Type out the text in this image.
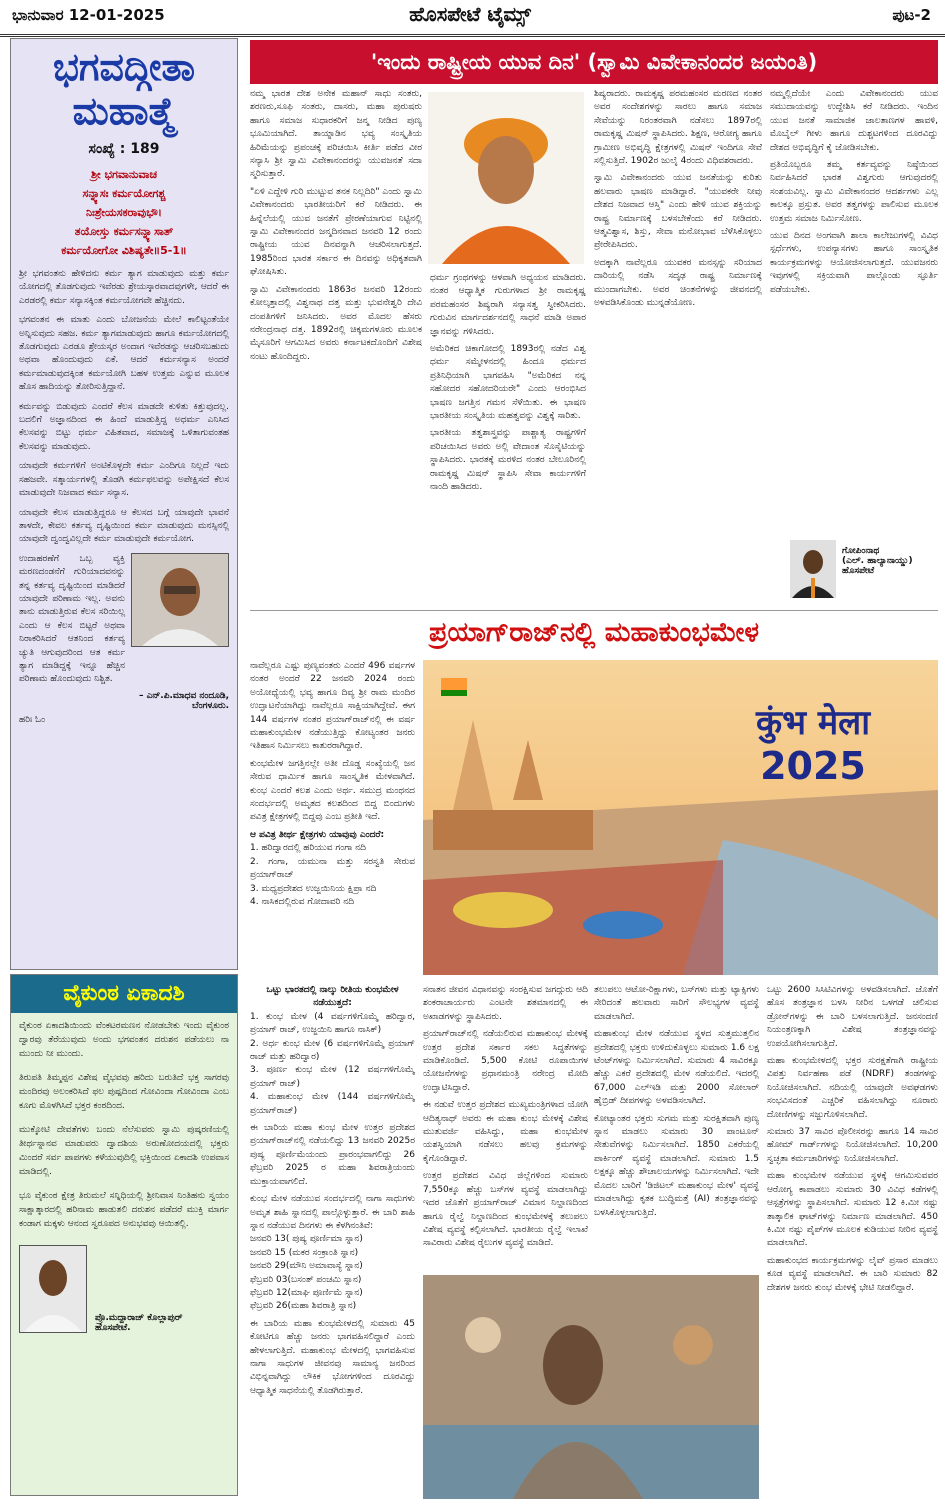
ಭಾನುವಾರ 12-01-2025	ಹೊಸಪೇಟೆ ಟೈಮ್ಸ್	ಪುಟ-2
ಭಗವದ್ಗೀತಾ ಮಹಾತ್ಮೆ
ಸಂಖ್ಯೆ : 189
ಶ್ರೀ ಭಗವಾನುವಾಚ
ಸನ್ನ್ಯಾಸಃ ಕರ್ಮಯೋಗಶ್ಚ
ನಿಃಶ್ರೇಯಸಕರಾವುಭೌ।
ತಯೋಸ್ತು ಕರ್ಮಸನ್ನ್ಯಾಸಾತ್
ಕರ್ಮಯೋಗೋ ವಿಶಿಷ್ಯತೇ॥5-1॥

ಶ್ರೀ ಭಗವಂತನು ಹೇಳಿದನು ಕರ್ಮ ತ್ಯಾಗ ಮಾಡುವುದು ಮತ್ತು ಕರ್ಮ ಯೋಗದಲ್ಲಿ ತೊಡಗುವುದು ಇವೆರಡು ಶ್ರೇಯಸ್ಕಾರವಾದವುಗಳೇ, ಆದರೆ ಈ ಎರಡರಲ್ಲಿ ಕರ್ಮ ಸನ್ಯಾಸಕ್ಕಿಂತ ಕರ್ಮಯೋಗವೇ ಹೆಚ್ಚಿನದು.

ಭಗವಂತನ ಈ ಮಾತು ಎಂದು ಬೋಜನೆಯ ಮೇಲೆ ಕಾಲಿಟ್ಟಂತೆಯೇ ಅನ್ನಿಸುವುದು ಸಹಜ. ಕರ್ಮ ತ್ಯಾಗಮಾಡುವುದು ಹಾಗೂ ಕರ್ಮಯೋಗದಲ್ಲಿ ತೊಡಗುವುದು ಎರಡೂ ಶ್ರೇಯಸ್ಕರ ಅಂದಾಗ ಇವೆರಡನ್ನು ಆಚರಿಸಬಹುದು ಅಥವಾ ಹೊಂದುವುದು ಏಕೆ. ಆದರೆ ಕರ್ಮಸನ್ಯಾಸ ಅಂದರೆ ಕರ್ಮಮಾಡುವುದಕ್ಕಿಂತ ಕರ್ಮಯೋಗಿ ಬಹಳ ಉತ್ತಮ ಎನ್ನುವ ಮೂಲಕ ಹೊಸ ಹಾದಿಯನ್ನು ತೋರಿಸುತ್ತಿದ್ದಾನೆ.

ಕರ್ಮವನ್ನು ಬಿಡುವುದು ಎಂದರೆ ಕೆಲಸ ಮಾಡದೇ ಕುಳಿತು ಕಿತ್ತುವುದಲ್ಲ. ಬದಲಿಗೆ ಅಜ್ಞಾನದಿಂದ ಈ ಹಿಂದೆ ಮಾಡುತ್ತಿದ್ದ ಅಧರ್ಮ ಎನಿಸಿದ ಕೆಲಸವನ್ನು ಬಿಟ್ಟು ಧರ್ಮ ವಿಹಿತವಾದ, ಸಮಾಜಕ್ಕೆ ಒಳಿತಾಗುವಂತಹ ಕೆಲಸವನ್ನು ಮಾಡುವುದು.

ಯಾವುದೇ ಕರ್ಮಗಳಿಗೆ ಅಂಟಿಕೊಳ್ಳದೇ ಕರ್ಮ ಎಂದಿಗೂ ನಿಲ್ಲದೆ ಇದು ಸಹಜವೇ. ಸತ್ಕಾರ್ಯಗಳಲ್ಲಿ ತೊಡಗಿ ಕರ್ಮಫಲವನ್ನು ಅಪೇಕ್ಷಿಸದೆ ಕೆಲಸ ಮಾಡುವುದೇ ನಿಜವಾದ ಕರ್ಮ ಸನ್ಯಾಸ.

ಯಾವುದೇ ಕೆಲಸ ಮಾಡುತ್ತಿದ್ದರೂ ಆ ಕೆಲಸದ ಬಗ್ಗೆ ಯಾವುದೇ ಭಾವನೆ ತಾಳದೇ, ಕೇವಲ ಕರ್ತವ್ಯ ದೃಷ್ಟಿಯಿಂದ ಕರ್ಮ ಮಾಡುವುದು ಮನಸ್ಸಿನಲ್ಲಿ ಯಾವುದೇ ದ್ವಂದ್ವವಿಲ್ಲದೇ ಕರ್ಮ ಮಾಡುವುದೇ ಕರ್ಮಯೋಗ.

ಉದಾಹರಣೆಗೆ ಒಬ್ಬ ವ್ಯಕ್ತಿ ಮರಣದಂಡನೆಗೆ ಗುರಿಯಾದವನನ್ನು ತನ್ನ ಕರ್ತವ್ಯ ದೃಷ್ಟಿಯಿಂದ ಮಾಡಿದರೆ ಯಾವುದೇ ಪರಿಣಾಮ ಇಲ್ಲ. ಅವನು ತಾನು ಮಾಡುತ್ತಿರುವ ಕೆಲಸ ಸರಿಯಿಲ್ಲ ಎಂದು ಆ ಕೆಲಸ ಬಿಟ್ಟರೆ ಅಥವಾ ನಿರಾಕರಿಸಿದರೆ ಆತನಿಂದ ಕರ್ತವ್ಯ ಚ್ಯುತಿ ಆಗುವುದರಿಂದ ಆತ ಕರ್ಮ ತ್ಯಾಗ ಮಾಡಿದ್ದಕ್ಕೆ ಇನ್ನೂ ಹೆಚ್ಚಿನ ಪರಿಣಾಮ ಹೊಂದುವುದು ನಿಶ್ಚಿತ.

– ಎನ್.ಪಿ.ಮಾಧವ ನಂದೂಡಿ,
ಬೆಂಗಳೂರು.
ಹರಿಃ ಓಂ
ವೈಕುಂಠ ಏಕಾದಶಿ

ವೈಕುಂಠ ಏಕಾದಶಿಯಿಂದು ವೆಂಕಟರಮಣನ ನೋಡಬೇಕು ಇಂದು ವೈಕುಂಠ ದ್ವಾರವು ತೆರೆಯುವುದು ಅಂದು ಭಗವಂತನ ದರುಶನ ಪಡೆಯಲು ನಾ ಮುಂದು ನೀ ಮುಂದು.

ತಿರುಪತಿ ತಿಮ್ಮಪ್ಪನ ವಿಶೇಷ ವೈಭವವು ಹರಿದು ಬರುತಿದೆ ಭಕ್ತ ಸಾಗರವು ಮಂದಿರವು ಅಲಂಕರಿಸಿದೆ ಫಲ ಪುಷ್ಪದಿಂದ ಗೋವಿಂದಾ ಗೋವಿಂದಾ ಎಂಬ ಕೂಗು ಮೊಳಗಿಸಿದೆ ಭಕ್ತರ ಕಂಠದಿಂದ.

ಮುಕ್ಕೋಟಿ ದೇವತೆಗಳು ಬಂದು ನೆಲೆಸುವರು ಸ್ವಾಮಿ ಪುಷ್ಕರಣಿಯಲ್ಲಿ ತೀರ್ಥಸ್ನಾನವ ಮಾಡುವರು ದ್ವಾದಶಿಯ ಅರುಣೋದಯದಲ್ಲಿ ಭಕ್ತರು ಮಿಂದರೆ ಸರ್ವ ಪಾಪಗಳು ಕಳೆಯುವುದಿಲ್ಲಿ ಭಕ್ತಿಯಿಂದ ಏಕಾದಶಿ ಉಪವಾಸ ಮಾಡಿದಲ್ಲಿ.

ಭೂ ವೈಕುಂಠ ಕ್ಷೇತ್ರ ತಿರುಮಲೆ ಸನ್ನಿಧಿಯಲ್ಲಿ ಶ್ರೀನಿವಾಸ ನಿಂತಿಹನು ಸ್ವಯಂ ಸಾಕ್ಷಾತ್ಕಾರದಲ್ಲಿ ಹರಿನಾಮ ಹಾಡುತಲಿ ದರುಶನ ಪಡೆದರೆ ಮುಕ್ತಿ ಮಾರ್ಗ ಕಂಡಾಗ ಮಕ್ಕಳು ಆನಂದ ಸ್ವರೂಪದ ಅನುಭವವು ಆಯಿತಲ್ಲಿ.

ಪ್ರೊ.ಮದ್ದಾರಾಜ್ ಕೊಲ್ಲಾಪುರ್
ಹೊಸಪೇಟೆ.
'ಇಂದು ರಾಷ್ಟ್ರೀಯ ಯುವ ದಿನ' (ಸ್ವಾಮಿ ವಿವೇಕಾನಂದರ ಜಯಂತಿ)

ನಮ್ಮ ಭಾರತ ದೇಶ ಅನೇಕ ಮಹಾನ್ ಸಾಧು ಸಂತರು, ಶರಣರು,ಸೂಫಿ ಸಂತರು, ದಾಸರು, ಮಹಾ ಪುರುಷರು ಹಾಗೂ ಸಮಾಜ ಸುಧಾರಕರಿಗೆ ಜನ್ಮ ನೀಡಿದ ಪುಣ್ಯ ಭೂಮಿಯಾಗಿದೆ. ತಾಯ್ನಾಡಿನ ಭವ್ಯ ಸಂಸ್ಕೃತಿಯ ಹಿರಿಮೆಯನ್ನು ಪ್ರಪಂಚಕ್ಕೆ ಪರಿಚಯಿಸಿ ಕೀರ್ತಿ ಪಡೆದ ವೀರ ಸನ್ಯಾಸಿ ಶ್ರೀ ಸ್ವಾಮಿ ವಿವೇಕಾನಂದರನ್ನು ಯುವಜನತೆ ಸದಾ ಸ್ಮರಿಸುತ್ತಾರೆ.

"ಏಳಿ ಎದ್ದೇಳಿ ಗುರಿ ಮುಟ್ಟುವ ತನಕ ನಿಲ್ಲದಿರಿ" ಎಂದು ಸ್ವಾಮಿ ವಿವೇಕಾನಂದರು ಭಾರತೀಯರಿಗೆ ಕರೆ ನೀಡಿದರು. ಈ ಹಿನ್ನೆಲೆಯಲ್ಲಿ ಯುವ ಜನತೆಗೆ ಪ್ರೇರಣೆಯಾಗುವ ನಿಟ್ಟಿನಲ್ಲಿ ಸ್ವಾಮಿ ವಿವೇಕಾನಂದರ ಜನ್ಮದಿನವಾದ ಜನವರಿ 12 ರಂದು ರಾಷ್ಟ್ರೀಯ ಯುವ ದಿನವನ್ನಾಗಿ ಆಚರಿಸಲಾಗುತ್ತದೆ. 1985ರಿಂದ ಭಾರತ ಸರ್ಕಾರ ಈ ದಿನವನ್ನು ಅಧಿಕೃತವಾಗಿ ಘೋಷಿಸಿತು.

ಸ್ವಾಮಿ ವಿವೇಕಾನಂದರು 1863ರ ಜನವರಿ 12ರಂದು ಕೋಲ್ಕತ್ತಾದಲ್ಲಿ ವಿಶ್ವನಾಥ ದತ್ತ ಮತ್ತು ಭುವನೇಶ್ವರಿ ದೇವಿ ದಂಪತಿಗಳಿಗೆ ಜನಿಸಿದರು. ಅವರ ಮೊದಲ ಹೆಸರು ನರೇಂದ್ರನಾಥ ದತ್ತ. 1892ರಲ್ಲಿ ಚಿಕ್ಕಮಗಳೂರು ಮೂಲಕ ಮೈಸೂರಿಗೆ ಆಗಮಿಸಿದ ಅವರು ಕರ್ನಾಟಕದೊಂದಿಗೆ ವಿಶೇಷ ನಂಟು ಹೊಂದಿದ್ದರು.

ಧರ್ಮ ಗ್ರಂಥಗಳನ್ನು ಆಳವಾಗಿ ಅಧ್ಯಯನ ಮಾಡಿದರು. ನಂತರ ಆಧ್ಯಾತ್ಮಿಕ ಗುರುಗಳಾದ ಶ್ರೀ ರಾಮಕೃಷ್ಣ ಪರಮಹಂಸರ ಶಿಷ್ಯರಾಗಿ ಸನ್ಯಾಸತ್ವ ಸ್ವೀಕರಿಸಿದರು. ಗುರುವಿನ ಮಾರ್ಗದರ್ಶನದಲ್ಲಿ ಸಾಧನೆ ಮಾಡಿ ಅಪಾರ ಜ್ಞಾನವನ್ನು ಗಳಿಸಿದರು.

ಅಮೆರಿಕದ ಚಿಕಾಗೋದಲ್ಲಿ 1893ರಲ್ಲಿ ನಡೆದ ವಿಶ್ವ ಧರ್ಮ ಸಮ್ಮೇಳನದಲ್ಲಿ ಹಿಂದೂ ಧರ್ಮದ ಪ್ರತಿನಿಧಿಯಾಗಿ ಭಾಗವಹಿಸಿ "ಅಮೆರಿಕದ ನನ್ನ ಸಹೋದರ ಸಹೋದರಿಯರೇ" ಎಂದು ಆರಂಭಿಸಿದ ಭಾಷಣ ಜಗತ್ತಿನ ಗಮನ ಸೆಳೆಯಿತು. ಈ ಭಾಷಣ ಭಾರತೀಯ ಸಂಸ್ಕೃತಿಯ ಮಹತ್ವವನ್ನು ವಿಶ್ವಕ್ಕೆ ಸಾರಿತು.

ಭಾರತೀಯ ತತ್ವಶಾಸ್ತ್ರವನ್ನು ಪಾಶ್ಚಾತ್ಯ ರಾಷ್ಟ್ರಗಳಿಗೆ ಪರಿಚಯಿಸಿದ ಅವರು ಅಲ್ಲಿ ವೇದಾಂತ ಸೊಸೈಟಿಯನ್ನು ಸ್ಥಾಪಿಸಿದರು. ಭಾರತಕ್ಕೆ ಮರಳಿದ ನಂತರ ಬೇಲೂರಿನಲ್ಲಿ ರಾಮಕೃಷ್ಣ ಮಿಷನ್ ಸ್ಥಾಪಿಸಿ ಸೇವಾ ಕಾರ್ಯಗಳಿಗೆ ನಾಂದಿ ಹಾಡಿದರು.

ಶಿಷ್ಯರಾದರು. ರಾಮಕೃಷ್ಣ ಪರಮಹಂಸರ ಮರಣದ ನಂತರ ಅವರ ಸಂದೇಶಗಳನ್ನು ಸಾರಲು ಹಾಗೂ ಸಮಾಜ ಸೇವೆಯನ್ನು ನಿರಂತರವಾಗಿ ನಡೆಸಲು 1897ರಲ್ಲಿ ರಾಮಕೃಷ್ಣ ಮಿಷನ್ ಸ್ಥಾಪಿಸಿದರು. ಶಿಕ್ಷಣ, ಆರೋಗ್ಯ ಹಾಗೂ ಗ್ರಾಮೀಣ ಅಭಿವೃದ್ಧಿ ಕ್ಷೇತ್ರಗಳಲ್ಲಿ ಮಿಷನ್ ಇಂದಿಗೂ ಸೇವೆ ಸಲ್ಲಿಸುತ್ತಿದೆ. 1902ರ ಜುಲೈ 4ರಂದು ವಿಧಿವಶರಾದರು.

ಸ್ವಾಮಿ ವಿವೇಕಾನಂದರು ಯುವ ಜನತೆಯನ್ನು ಕುರಿತು ಹಲವಾರು ಭಾಷಣ ಮಾಡಿದ್ದಾರೆ. "ಯುವಕರೇ ನೀವು ದೇಶದ ನಿಜವಾದ ಆಸ್ತಿ" ಎಂದು ಹೇಳಿ ಯುವ ಶಕ್ತಿಯನ್ನು ರಾಷ್ಟ್ರ ನಿರ್ಮಾಣಕ್ಕೆ ಬಳಸಬೇಕೆಂದು ಕರೆ ನೀಡಿದರು. ಆತ್ಮವಿಶ್ವಾಸ, ಶಿಸ್ತು, ಸೇವಾ ಮನೋಭಾವ ಬೆಳೆಸಿಕೊಳ್ಳಲು ಪ್ರೇರೇಪಿಸಿದರು.

ಅದಕ್ಕಾಗಿ ನಾವೆಲ್ಲರೂ ಯುವಕರ ಮನಸ್ಸನ್ನು ಸರಿಯಾದ ದಾರಿಯಲ್ಲಿ ನಡೆಸಿ ಸದೃಢ ರಾಷ್ಟ್ರ ನಿರ್ಮಾಣಕ್ಕೆ ಮುಂದಾಗಬೇಕು. ಅವರ ಚಿಂತನೆಗಳನ್ನು ಜೀವನದಲ್ಲಿ ಅಳವಡಿಸಿಕೊಂಡು ಮುನ್ನಡೆಯೋಣ.

ನಮ್ಮಲ್ಲಿದೆಯೇ ಎಂದು ವಿವೇಕಾನಂದರು ಯುವ ಸಮುದಾಯವನ್ನು ಉದ್ದೇಶಿಸಿ ಕರೆ ನೀಡಿದರು. ಇಂದಿನ ಯುವ ಜನತೆ ಸಾಮಾಜಿಕ ಜಾಲತಾಣಗಳ ಹಾವಳಿ, ಮೊಬೈಲ್ ಗೀಳು ಹಾಗೂ ದುಶ್ಚಟಗಳಿಂದ ದೂರವಿದ್ದು ದೇಶದ ಅಭಿವೃದ್ಧಿಗೆ ಕೈ ಜೋಡಿಸಬೇಕು.

ಪ್ರತಿಯೊಬ್ಬರೂ ತಮ್ಮ ಕರ್ತವ್ಯವನ್ನು ನಿಷ್ಠೆಯಿಂದ ನಿರ್ವಹಿಸಿದರೆ ಭಾರತ ವಿಶ್ವಗುರು ಆಗುವುದರಲ್ಲಿ ಸಂಶಯವಿಲ್ಲ. ಸ್ವಾಮಿ ವಿವೇಕಾನಂದರ ಆದರ್ಶಗಳು ಎಲ್ಲ ಕಾಲಕ್ಕೂ ಪ್ರಸ್ತುತ. ಅವರ ತತ್ವಗಳನ್ನು ಪಾಲಿಸುವ ಮೂಲಕ ಉತ್ತಮ ಸಮಾಜ ನಿರ್ಮಿಸೋಣ.

ಯುವ ದಿನದ ಅಂಗವಾಗಿ ಶಾಲಾ ಕಾಲೇಜುಗಳಲ್ಲಿ ವಿವಿಧ ಸ್ಪರ್ಧೆಗಳು, ಉಪನ್ಯಾಸಗಳು ಹಾಗೂ ಸಾಂಸ್ಕೃತಿಕ ಕಾರ್ಯಕ್ರಮಗಳನ್ನು ಆಯೋಜಿಸಲಾಗುತ್ತದೆ. ಯುವಜನರು ಇವುಗಳಲ್ಲಿ ಸಕ್ರಿಯವಾಗಿ ಪಾಲ್ಗೊಂಡು ಸ್ಫೂರ್ತಿ ಪಡೆಯಬೇಕು.

ಗೋಪಿಂನಾಥ
(ಎಲ್. ಹಾಲ್ಯಾನಾಯ್ಡು)
ಹೊಸಪೇಟೆ
ಪ್ರಯಾಗ್‌ರಾಜ್‌ನಲ್ಲಿ ಮಹಾಕುಂಭಮೇಳ
कुंभ मेला
2025

ನಾವೆಲ್ಲರೂ ಎಷ್ಟು ಪುಣ್ಯವಂತರು ಎಂದರೆ 496 ವರ್ಷಗಳ ನಂತರ ಅಂದರೆ 22 ಜನವರಿ 2024 ರಂದು ಅಯೋಧ್ಯೆಯಲ್ಲಿ ಭವ್ಯ ಹಾಗೂ ದಿವ್ಯ ಶ್ರೀ ರಾಮ ಮಂದಿರ ಉದ್ಘಾಟನೆಯಾಗಿದ್ದು ನಾವೆಲ್ಲರೂ ಸಾಕ್ಷಿಯಾಗಿದ್ದೇವೆ. ಈಗ 144 ವರ್ಷಗಳ ನಂತರ ಪ್ರಯಾಗ್‌ರಾಜ್‌ನಲ್ಲಿ ಈ ವರ್ಷ ಮಹಾಕುಂಭಮೇಳ ನಡೆಯುತ್ತಿದ್ದು ಕೋಟ್ಯಂತರ ಜನರು ಇತಿಹಾಸ ನಿರ್ಮಿಸಲು ಕಾತುರರಾಗಿದ್ದಾರೆ.

ಕುಂಭಮೇಳ ಜಗತ್ತಿನಲ್ಲೇ ಅತೀ ದೊಡ್ಡ ಸಂಖ್ಯೆಯಲ್ಲಿ ಜನ ಸೇರುವ ಧಾರ್ಮಿಕ ಹಾಗೂ ಸಾಂಸ್ಕೃತಿಕ ಮೇಳವಾಗಿದೆ. ಕುಂಭ ಎಂದರೆ ಕಲಶ ಎಂದು ಅರ್ಥ. ಸಮುದ್ರ ಮಂಥನದ ಸಂದರ್ಭದಲ್ಲಿ ಅಮೃತದ ಕಲಶದಿಂದ ಬಿದ್ದ ಬಿಂದುಗಳು ಪವಿತ್ರ ಕ್ಷೇತ್ರಗಳಲ್ಲಿ ಬಿದ್ದವು ಎಂಬ ಪ್ರತೀತಿ ಇದೆ.

ಆ ಪವಿತ್ರ ತೀರ್ಥ ಕ್ಷೇತ್ರಗಳು ಯಾವುವು ಎಂದರೆ:
1. ಹರಿದ್ವಾರದಲ್ಲಿ ಹರಿಯುವ ಗಂಗಾ ನದಿ
2. ಗಂಗಾ, ಯಮುನಾ ಮತ್ತು ಸರಸ್ವತಿ ಸೇರುವ ಪ್ರಯಾಗ್‌ರಾಜ್
3. ಮಧ್ಯಪ್ರದೇಶದ ಉಜ್ಜಯಿನಿಯ ಕ್ಷಿಪ್ರಾ ನದಿ
4. ನಾಸಿಕದಲ್ಲಿರುವ ಗೋದಾವರಿ ನದಿ
ಒಟ್ಟು ಭಾರತದಲ್ಲಿ ನಾಲ್ಕು ರೀತಿಯ ಕುಂಭಮೇಳ ನಡೆಯುತ್ತದೆ:
1. ಕುಂಭ ಮೇಳ (4 ವರ್ಷಗಳಿಗೊಮ್ಮೆ ಹರಿದ್ವಾರ, ಪ್ರಯಾಗ್ ರಾಜ್, ಉಜ್ಜಯಿನಿ ಹಾಗೂ ನಾಸಿಕ್)
2. ಅರ್ಧ ಕುಂಭ ಮೇಳ (6 ವರ್ಷಗಳಿಗೊಮ್ಮೆ ಪ್ರಯಾಗ್ ರಾಜ್ ಮತ್ತು ಹರಿದ್ವಾರ)
3. ಪೂರ್ಣ ಕುಂಭ ಮೇಳ (12 ವರ್ಷಗಳಿಗೊಮ್ಮೆ ಪ್ರಯಾಗ್ ರಾಜ್)
4. ಮಹಾಕುಂಭ ಮೇಳ (144 ವರ್ಷಗಳಿಗೊಮ್ಮೆ ಪ್ರಯಾಗ್‌ರಾಜ್)

ಈ ಬಾರಿಯ ಮಹಾ ಕುಂಭ ಮೇಳ ಉತ್ತರ ಪ್ರದೇಶದ ಪ್ರಯಾಗ್‌ರಾಜ್‌ನಲ್ಲಿ ನಡೆಯಲಿದ್ದು 13 ಜನವರಿ 2025ರ ಪುಷ್ಯ ಪೂರ್ಣಿಮೆಯಂದು ಪ್ರಾರಂಭವಾಗಲಿದ್ದು 26 ಫೆಬ್ರವರಿ 2025 ರ ಮಹಾ ಶಿವರಾತ್ರಿಯಂದು ಮುಕ್ತಾಯವಾಗಲಿದೆ.

ಕುಂಭ ಮೇಳ ನಡೆಯುವ ಸಂದರ್ಭದಲ್ಲಿ ನಾಗಾ ಸಾಧುಗಳು ಅಮೃತ ಶಾಹಿ ಸ್ನಾನದಲ್ಲಿ ಪಾಲ್ಗೊಳ್ಳುತ್ತಾರೆ. ಈ ಬಾರಿ ಶಾಹಿ ಸ್ನಾನ ನಡೆಯುವ ದಿನಗಳು ಈ ಕೆಳಗಿನಂತಿವೆ:

ಜನವರಿ 13( ಪುಷ್ಯ ಪೂರ್ಣಿಮಾ ಸ್ನಾನ)
ಜನವರಿ 15 (ಮಕರ ಸಂಕ್ರಾಂತಿ ಸ್ನಾನ)
ಜನವರಿ 29(ಮೌನಿ ಅಮಾವಾಸ್ಯೆ ಸ್ನಾನ)
ಫೆಬ್ರವರಿ 03(ಬಸಂತ್ ಪಂಚಮಿ ಸ್ನಾನ)
ಫೆಬ್ರವರಿ 12(ಮಾಘಿ ಪೂರ್ಣಿಮೆ ಸ್ನಾನ)
ಫೆಬ್ರವರಿ 26(ಮಹಾ ಶಿವರಾತ್ರಿ ಸ್ನಾನ)

ಈ ಬಾರಿಯ ಮಹಾ ಕುಂಭಮೇಳದಲ್ಲಿ ಸುಮಾರು 45 ಕೋಟಿಗೂ ಹೆಚ್ಚು ಜನರು ಭಾಗವಹಿಸಲಿದ್ದಾರೆ ಎಂದು ಹೇಳಲಾಗುತ್ತಿದೆ. ಮಹಾಕುಂಭ ಮೇಳದಲ್ಲಿ ಭಾಗವಹಿಸುವ ನಾಗಾ ಸಾಧುಗಳ ಜೀವನವು ಸಾಮಾನ್ಯ ಜನರಿಂದ ವಿಭಿನ್ನವಾಗಿದ್ದು ಲೌಕಿಕ ಭೋಗಗಳಿಂದ ದೂರವಿದ್ದು ಆಧ್ಯಾತ್ಮಿಕ ಸಾಧನೆಯಲ್ಲಿ ತೊಡಗಿರುತ್ತಾರೆ.

ಸನಾತನ ಜೀವನ ವಿಧಾನವನ್ನು ಸಂರಕ್ಷಿಸುವ ಜಗದ್ಗುರು ಆದಿ ಶಂಕರಾಚಾರ್ಯರು ಎಂಟನೇ ಶತಮಾನದಲ್ಲಿ ಈ ಅಖಾಡಗಳನ್ನು ಸ್ಥಾಪಿಸಿದರು.

ಪ್ರಯಾಗ್‌ರಾಜ್‌ನಲ್ಲಿ ನಡೆಯಲಿರುವ ಮಹಾಕುಂಭ ಮೇಳಕ್ಕೆ ಉತ್ತರ ಪ್ರದೇಶ ಸರ್ಕಾರ ಸಕಲ ಸಿದ್ಧತೆಗಳನ್ನು ಮಾಡಿಕೊಂಡಿದೆ. 5,500 ಕೋಟಿ ರೂಪಾಯಿಗಳ ಯೋಜನೆಗಳನ್ನು ಪ್ರಧಾನಮಂತ್ರಿ ನರೇಂದ್ರ ಮೋದಿ ಉದ್ಘಾಟಿಸಿದ್ದಾರೆ.

ಈ ನಡುವೆ ಉತ್ತರ ಪ್ರದೇಶದ ಮುಖ್ಯಮಂತ್ರಿಗಳಾದ ಯೋಗಿ ಆದಿತ್ಯನಾಥ್ ಅವರು ಈ ಮಹಾ ಕುಂಭ ಮೇಳಕ್ಕೆ ವಿಶೇಷ ಮುತುವರ್ಜಿ ವಹಿಸಿದ್ದು, ಮಹಾ ಕುಂಭಮೇಳ ಯಶಸ್ವಿಯಾಗಿ ನಡೆಸಲು ಹಲವು ಕ್ರಮಗಳನ್ನು ಕೈಗೊಂಡಿದ್ದಾರೆ.

ಉತ್ತರ ಪ್ರದೇಶದ ವಿವಿಧ ಜಿಲ್ಲೆಗಳಿಂದ ಸುಮಾರು 7,550ಕ್ಕೂ ಹೆಚ್ಚು ಬಸ್‌ಗಳ ವ್ಯವಸ್ಥೆ ಮಾಡಲಾಗಿದ್ದು ಇದರ ಜೊತೆಗೆ ಪ್ರಯಾಗ್‌ರಾಜ್ ವಿಮಾನ ನಿಲ್ದಾಣದಿಂದ ಹಾಗೂ ರೈಲ್ವೆ ನಿಲ್ದಾಣದಿಂದ ಕುಂಭಮೇಳಕ್ಕೆ ತಲುಪಲು ವಿಶೇಷ ವ್ಯವಸ್ಥೆ ಕಲ್ಪಿಸಲಾಗಿದೆ. ಭಾರತೀಯ ರೈಲ್ವೆ ಇಲಾಖೆ ಸಾವಿರಾರು ವಿಶೇಷ ರೈಲುಗಳ ವ್ಯವಸ್ಥೆ ಮಾಡಿದೆ.

ತಲುಪಲು ಆಟೋ-ರಿಕ್ಷಾಗಳು, ಬಸ್‌ಗಳು ಮತ್ತು ಟ್ಯಾಕ್ಸಿಗಳು ಸೇರಿದಂತೆ ಹಲವಾರು ಸಾರಿಗೆ ಸೌಲಭ್ಯಗಳ ವ್ಯವಸ್ಥೆ ಮಾಡಲಾಗಿದೆ.

ಮಹಾಕುಂಭ ಮೇಳ ನಡೆಯುವ ಸ್ಥಳದ ಸುತ್ತಮುತ್ತಲಿನ ಪ್ರದೇಶದಲ್ಲಿ ಭಕ್ತರು ಉಳಿದುಕೊಳ್ಳಲು ಸುಮಾರು 1.6 ಲಕ್ಷ ಟೆಂಟ್‌ಗಳನ್ನು ನಿರ್ಮಿಸಲಾಗಿದೆ. ಸುಮಾರು 4 ಸಾವಿರಕ್ಕೂ ಹೆಚ್ಚು ಎಕರೆ ಪ್ರದೇಶದಲ್ಲಿ ಮೇಳ ನಡೆಯಲಿದೆ. ಇದರಲ್ಲಿ 67,000 ಎಲ್‌ಇಡಿ ಮತ್ತು 2000 ಸೋಲಾರ್ ಹೈಬ್ರಿಡ್ ದೀಪಗಳನ್ನು ಅಳವಡಿಸಲಾಗಿದೆ.

ಕೋಟ್ಯಾಂತರ ಭಕ್ತರು ಸುಗಮ ಮತ್ತು ಸುರಕ್ಷಿತವಾಗಿ ಪುಣ್ಯ ಸ್ನಾನ ಮಾಡಲು ಸುಮಾರು 30 ಪಾಂಟೂನ್ ಸೇತುವೆಗಳನ್ನು ನಿರ್ಮಿಸಲಾಗಿದೆ. 1850 ಎಕರೆಯಲ್ಲಿ ಪಾರ್ಕಿಂಗ್ ವ್ಯವಸ್ಥೆ ಮಾಡಲಾಗಿದೆ. ಸುಮಾರು 1.5 ಲಕ್ಷಕ್ಕೂ ಹೆಚ್ಚು ಶೌಚಾಲಯಗಳನ್ನು ನಿರ್ಮಿಸಲಾಗಿದೆ. ಇದೇ ಮೊದಲ ಬಾರಿಗೆ 'ಡಿಜಿಟಲ್ ಮಹಾಕುಂಭ ಮೇಳ' ವ್ಯವಸ್ಥೆ ಮಾಡಲಾಗಿದ್ದು ಕೃತಕ ಬುದ್ಧಿಮತ್ತೆ (AI) ತಂತ್ರಜ್ಞಾನವನ್ನು ಬಳಸಿಕೊಳ್ಳಲಾಗುತ್ತಿದೆ.

ಒಟ್ಟು 2600 ಸಿಸಿಟಿವಿಗಳನ್ನು ಅಳವಡಿಸಲಾಗಿದೆ. ಜೊತೆಗೆ ಹೊಸ ತಂತ್ರಜ್ಞಾನ ಬಳಸಿ ನೀರಿನ ಒಳಗಡೆ ಚಲಿಸುವ ಡ್ರೋನ್‌ಗಳನ್ನು ಈ ಬಾರಿ ಬಳಸಲಾಗುತ್ತಿದೆ. ಜನಸಂದಣಿ ನಿಯಂತ್ರಣಕ್ಕಾಗಿ ವಿಶೇಷ ತಂತ್ರಜ್ಞಾನವನ್ನು ಉಪಯೋಗಿಸಲಾಗುತ್ತಿದೆ.

ಮಹಾ ಕುಂಭಮೇಳದಲ್ಲಿ ಭಕ್ತರ ಸುರಕ್ಷತೆಗಾಗಿ ರಾಷ್ಟ್ರೀಯ ವಿಪತ್ತು ನಿರ್ವಹಣಾ ಪಡೆ (NDRF) ತಂಡಗಳನ್ನು ನಿಯೋಜಿಸಲಾಗಿದೆ. ನದಿಯಲ್ಲಿ ಯಾವುದೇ ಅವಘಡಗಳು ಸಂಭವಿಸದಂತೆ ಎಚ್ಚರಿಕೆ ವಹಿಸಲಾಗಿದ್ದು ನೂರಾರು ದೋಣಿಗಳನ್ನು ಸಜ್ಜುಗೊಳಿಸಲಾಗಿದೆ.

ಸುಮಾರು 37 ಸಾವಿರ ಪೊಲೀಸರನ್ನು ಹಾಗೂ 14 ಸಾವಿರ ಹೋಮ್ ಗಾರ್ಡ್‌ಗಳನ್ನು ನಿಯೋಜಿಸಲಾಗಿದೆ. 10,200 ಸ್ವಚ್ಛತಾ ಕರ್ಮಚಾರಿಗಳನ್ನು ನಿಯೋಜಿಸಲಾಗಿದೆ.

ಮಹಾ ಕುಂಭಮೇಳ ನಡೆಯುವ ಸ್ಥಳಕ್ಕೆ ಆಗಮಿಸುವವರ ಆರೋಗ್ಯ ಕಾಪಾಡಲು ಸುಮಾರು 30 ವಿವಿಧ ಕಡೆಗಳಲ್ಲಿ ಆಸ್ಪತ್ರೆಗಳನ್ನು ಸ್ಥಾಪಿಸಲಾಗಿದೆ. ಸುಮಾರು 12 ಕಿ.ಮೀ ನಷ್ಟು ತಾತ್ಕಾಲಿಕ ಘಾಟ್‌ಗಳನ್ನು ನಿರ್ಮಾಣ ಮಾಡಲಾಗಿದೆ. 450 ಕಿ.ಮೀ ನಷ್ಟು ಪೈಪ್‌ಗಳ ಮೂಲಕ ಕುಡಿಯುವ ನೀರಿನ ವ್ಯವಸ್ಥೆ ಮಾಡಲಾಗಿದೆ.

ಮಹಾಕುಂಭದ ಕಾರ್ಯಕ್ರಮಗಳನ್ನು ಲೈವ್ ಪ್ರಸಾರ ಮಾಡಲು ಕೂಡ ವ್ಯವಸ್ಥೆ ಮಾಡಲಾಗಿದೆ. ಈ ಬಾರಿ ಸುಮಾರು 82 ದೇಶಗಳ ಜನರು ಕುಂಭ ಮೇಳಕ್ಕೆ ಭೇಟಿ ನೀಡಲಿದ್ದಾರೆ.
